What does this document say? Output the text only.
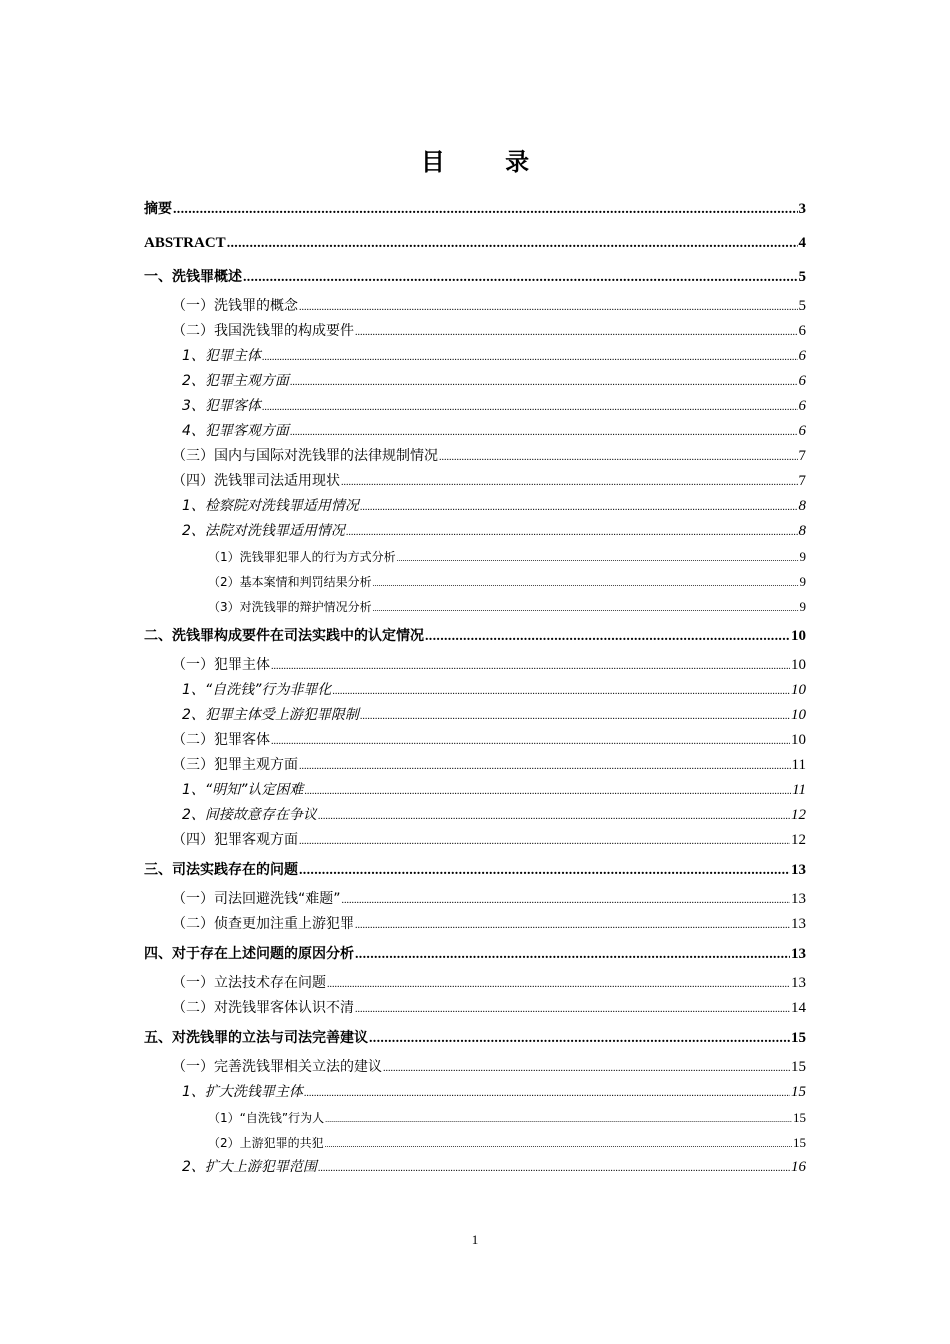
目 录
摘要 .....	3
ABSTRACT .....	4
一、洗钱罪概述 .....	5
（一）洗钱罪的概念 .....	5
（二）我国洗钱罪的构成要件 .....	6
1、犯罪主体 .....	6
2、犯罪主观方面 .....	6
3、犯罪客体 .....	6
4、犯罪客观方面 .....	6
（三）国内与国际对洗钱罪的法律规制情况 .....	7
（四）洗钱罪司法适用现状 .....	7
1、检察院对洗钱罪适用情况 .....	8
2、法院对洗钱罪适用情况 .....	8
（1）洗钱罪犯罪人的行为方式分析 .....	9
（2）基本案情和判罚结果分析 .....	9
（3）对洗钱罪的辩护情况分析 .....	9
二、洗钱罪构成要件在司法实践中的认定情况 .....	10
（一）犯罪主体 .....	10
1、“自洗钱”行为非罪化 .....	10
2、犯罪主体受上游犯罪限制 .....	10
（二）犯罪客体 .....	10
（三）犯罪主观方面 .....	11
1、“明知”认定困难 .....	11
2、间接故意存在争议 .....	12
（四）犯罪客观方面 .....	12
三、司法实践存在的问题 .....	13
（一）司法回避洗钱“难题” .....	13
（二）侦查更加注重上游犯罪 .....	13
四、对于存在上述问题的原因分析 .....	13
（一）立法技术存在问题 .....	13
（二）对洗钱罪客体认识不清 .....	14
五、对洗钱罪的立法与司法完善建议 .....	15
（一）完善洗钱罪相关立法的建议 .....	15
1、扩大洗钱罪主体 .....	15
（1）“自洗钱”行为人 .....	15
（2）上游犯罪的共犯 .....	15
2、扩大上游犯罪范围 .....	16
1
